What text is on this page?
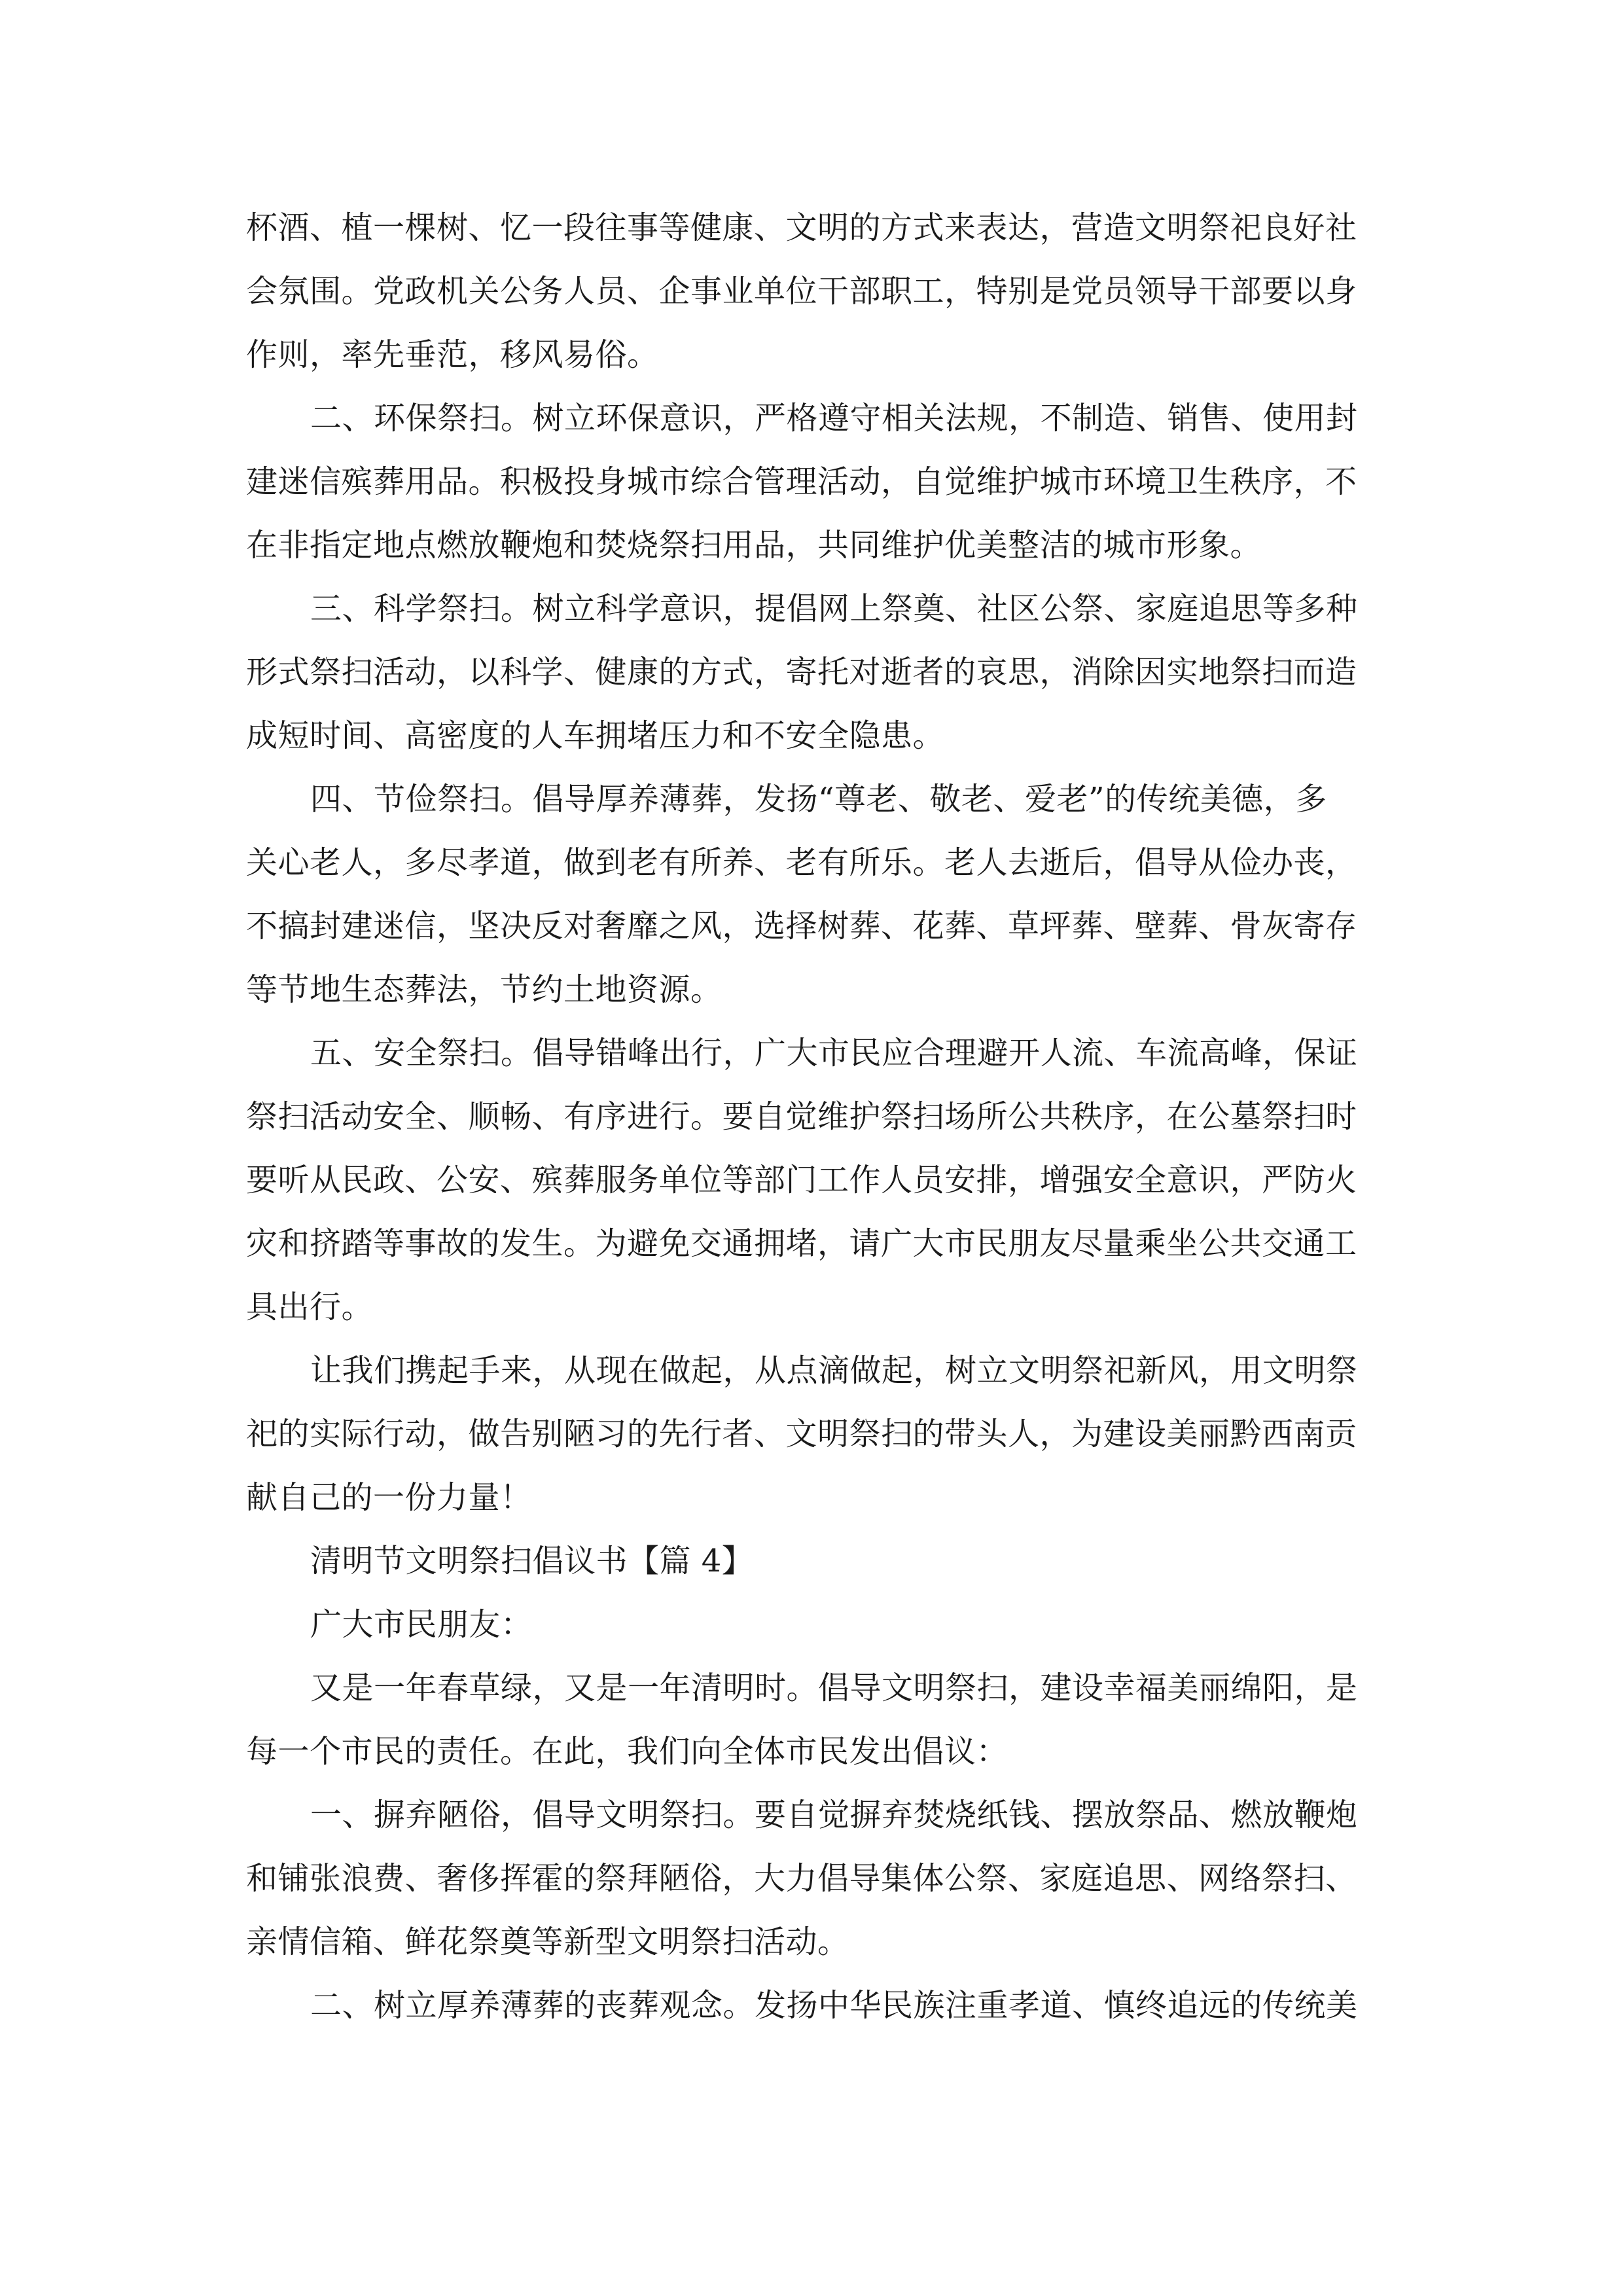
杯酒、植一棵树、忆一段往事等健康、文明的方式来表达，营造文明祭祀良好社
会氛围。党政机关公务人员、企事业单位干部职工，特别是党员领导干部要以身
作则，率先垂范，移风易俗。
二、环保祭扫。树立环保意识，严格遵守相关法规，不制造、销售、使用封
建迷信殡葬用品。积极投身城市综合管理活动，自觉维护城市环境卫生秩序，不
在非指定地点燃放鞭炮和焚烧祭扫用品，共同维护优美整洁的城市形象。
三、科学祭扫。树立科学意识，提倡网上祭奠、社区公祭、家庭追思等多种
形式祭扫活动，以科学、健康的方式，寄托对逝者的哀思，消除因实地祭扫而造
成短时间、高密度的人车拥堵压力和不安全隐患。
四、节俭祭扫。倡导厚养薄葬，发扬“尊老、敬老、爱老”的传统美德，多
关心老人，多尽孝道，做到老有所养、老有所乐。老人去逝后，倡导从俭办丧，
不搞封建迷信，坚决反对奢靡之风，选择树葬、花葬、草坪葬、壁葬、骨灰寄存
等节地生态葬法，节约土地资源。
五、安全祭扫。倡导错峰出行，广大市民应合理避开人流、车流高峰，保证
祭扫活动安全、顺畅、有序进行。要自觉维护祭扫场所公共秩序，在公墓祭扫时
要听从民政、公安、殡葬服务单位等部门工作人员安排，增强安全意识，严防火
灾和挤踏等事故的发生。为避免交通拥堵，请广大市民朋友尽量乘坐公共交通工
具出行。
让我们携起手来，从现在做起，从点滴做起，树立文明祭祀新风，用文明祭
祀的实际行动，做告别陋习的先行者、文明祭扫的带头人，为建设美丽黔西南贡
献自己的一份力量！
清明节文明祭扫倡议书【篇 4】
广大市民朋友：
又是一年春草绿，又是一年清明时。倡导文明祭扫，建设幸福美丽绵阳，是
每一个市民的责任。在此，我们向全体市民发出倡议：
一、摒弃陋俗，倡导文明祭扫。要自觉摒弃焚烧纸钱、摆放祭品、燃放鞭炮
和铺张浪费、奢侈挥霍的祭拜陋俗，大力倡导集体公祭、家庭追思、网络祭扫、
亲情信箱、鲜花祭奠等新型文明祭扫活动。
二、树立厚养薄葬的丧葬观念。发扬中华民族注重孝道、慎终追远的传统美
